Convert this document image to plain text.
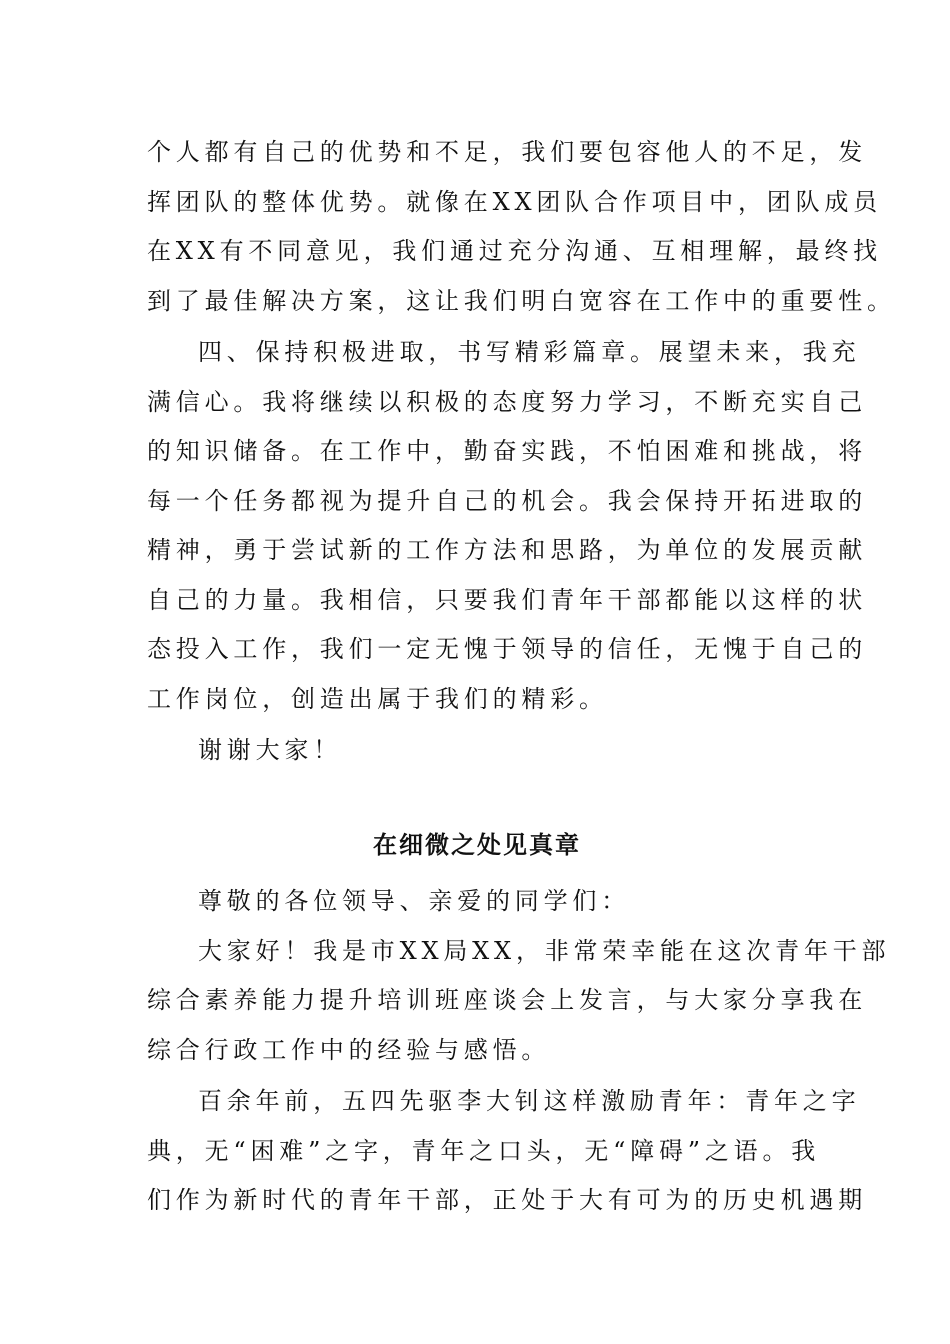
个人都有自己的优势和不足，我们要包容他人的不足，发
挥团队的整体优势。就像在XX团队合作项目中，团队成员
在XX有不同意见，我们通过充分沟通、互相理解，最终找
到了最佳解决方案，这让我们明白宽容在工作中的重要性。
四、保持积极进取，书写精彩篇章。展望未来，我充
满信心。我将继续以积极的态度努力学习，不断充实自己
的知识储备。在工作中，勤奋实践，不怕困难和挑战，将
每一个任务都视为提升自己的机会。我会保持开拓进取的
精神，勇于尝试新的工作方法和思路，为单位的发展贡献
自己的力量。我相信，只要我们青年干部都能以这样的状
态投入工作，我们一定无愧于领导的信任，无愧于自己的
工作岗位，创造出属于我们的精彩。
谢谢大家！
在细微之处见真章
尊敬的各位领导、亲爱的同学们：
大家好！我是市XX局XX，非常荣幸能在这次青年干部
综合素养能力提升培训班座谈会上发言，与大家分享我在
综合行政工作中的经验与感悟。
百余年前，五四先驱李大钊这样激励青年：青年之字
典，无“困难”之字，青年之口头，无“障碍”之语。我
们作为新时代的青年干部，正处于大有可为的历史机遇期
